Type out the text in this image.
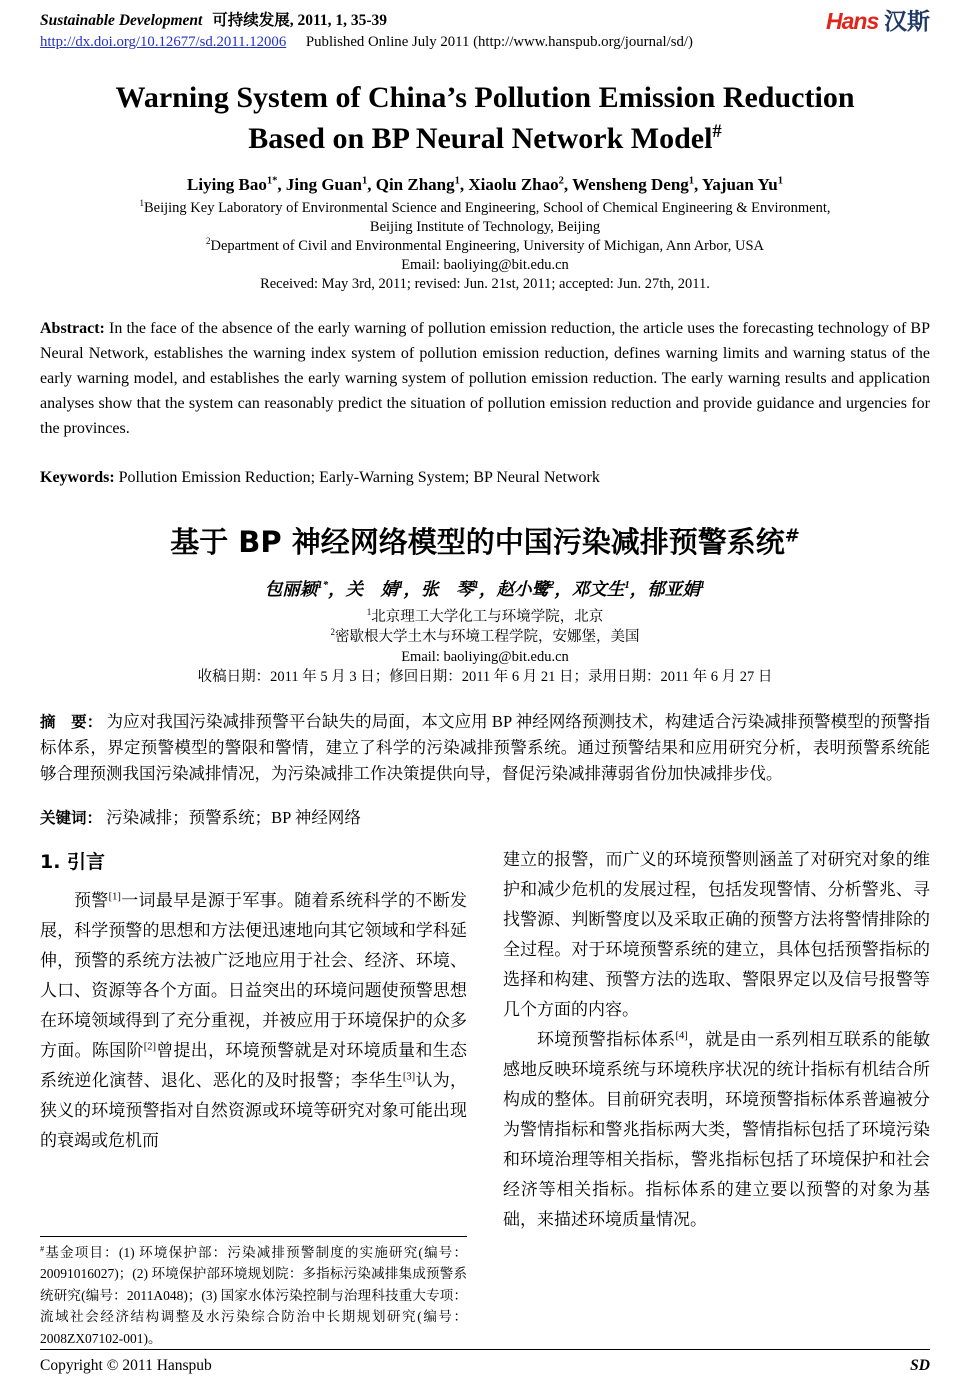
Sustainable Development 可持续发展, 2011, 1, 35-39
http://dx.doi.org/10.12677/sd.2011.12006 Published Online July 2011 (http://www.hanspub.org/journal/sd/)
Hans 汉斯
Warning System of China’s Pollution Emission Reduction Based on BP Neural Network Model#
Liying Bao$^{1*}$, Jing Guan$^1$, Qin Zhang$^1$, Xiaolu Zhao$^2$, Wensheng Deng$^1$, Yajuan Yu$^1$
$^1$Beijing Key Laboratory of Environmental Science and Engineering, School of Chemical Engineering & Environment,
Beijing Institute of Technology, Beijing
$^2$Department of Civil and Environmental Engineering, University of Michigan, Ann Arbor, USA
Email: baoliying@bit.edu.cn
Received: May 3rd, 2011; revised: Jun. 21st, 2011; accepted: Jun. 27th, 2011.

Abstract: In the face of the absence of the early warning of pollution emission reduction, the article uses the forecasting technology of BP Neural Network, establishes the warning index system of pollution emission reduction, defines warning limits and warning status of the early warning model, and establishes the early warning system of pollution emission reduction. The early warning results and application analyses show that the system can reasonably predict the situation of pollution emission reduction and provide guidance and urgencies for the provinces.

Keywords: Pollution Emission Reduction; Early-Warning System; BP Neural Network

基于 BP 神经网络模型的中国污染减排预警系统#
包丽颖$^{1*}$，关　婧$^1$，张　琴$^1$，赵小鹭$^2$，邓文生$^1$，郁亚娟$^1$
$^1$北京理工大学化工与环境学院，北京
$^2$密歇根大学土木与环境工程学院，安娜堡，美国
Email: baoliying@bit.edu.cn
收稿日期：2011 年 5 月 3 日；修回日期：2011 年 6 月 21 日；录用日期：2011 年 6 月 27 日

摘　要： 为应对我国污染减排预警平台缺失的局面，本文应用 BP 神经网络预测技术，构建适合污染减排预警模型的预警指标体系，界定预警模型的警限和警情，建立了科学的污染减排预警系统。通过预警结果和应用研究分析，表明预警系统能够合理预测我国污染减排情况，为污染减排工作决策提供向导，督促污染减排薄弱省份加快减排步伐。

关键词： 污染减排；预警系统；BP 神经网络

1. 引言

预警[1]一词最早是源于军事。随着系统科学的不断发展，科学预警的思想和方法便迅速地向其它领域和学科延伸，预警的系统方法被广泛地应用于社会、经济、环境、人口、资源等各个方面。日益突出的环境问题使预警思想在环境领域得到了充分重视，并被应用于环境保护的众多方面。陈国阶[2]曾提出，环境预警就是对环境质量和生态系统逆化演替、退化、恶化的及时报警；李华生[3]认为，狭义的环境预警指对自然资源或环境等研究对象可能出现的衰竭或危机而

#基金项目：(1) 环境保护部：污染减排预警制度的实施研究(编号：20091016027)；(2) 环境保护部环境规划院：多指标污染减排集成预警系统研究(编号：2011A048)；(3) 国家水体污染控制与治理科技重大专项：流域社会经济结构调整及水污染综合防治中长期规划研究(编号：2008ZX07102-001)。

建立的报警，而广义的环境预警则涵盖了对研究对象的维护和减少危机的发展过程，包括发现警情、分析警兆、寻找警源、判断警度以及采取正确的预警方法将警情排除的全过程。对于环境预警系统的建立，具体包括预警指标的选择和构建、预警方法的选取、警限界定以及信号报警等几个方面的内容。

环境预警指标体系[4]，就是由一系列相互联系的能敏感地反映环境系统与环境秩序状况的统计指标有机结合所构成的整体。目前研究表明，环境预警指标体系普遍被分为警情指标和警兆指标两大类，警情指标包括了环境污染和环境治理等相关指标，警兆指标包括了环境保护和社会经济等相关指标。指标体系的建立要以预警的对象为基础，来描述环境质量情况。

Copyright © 2011 Hanspub	SD
